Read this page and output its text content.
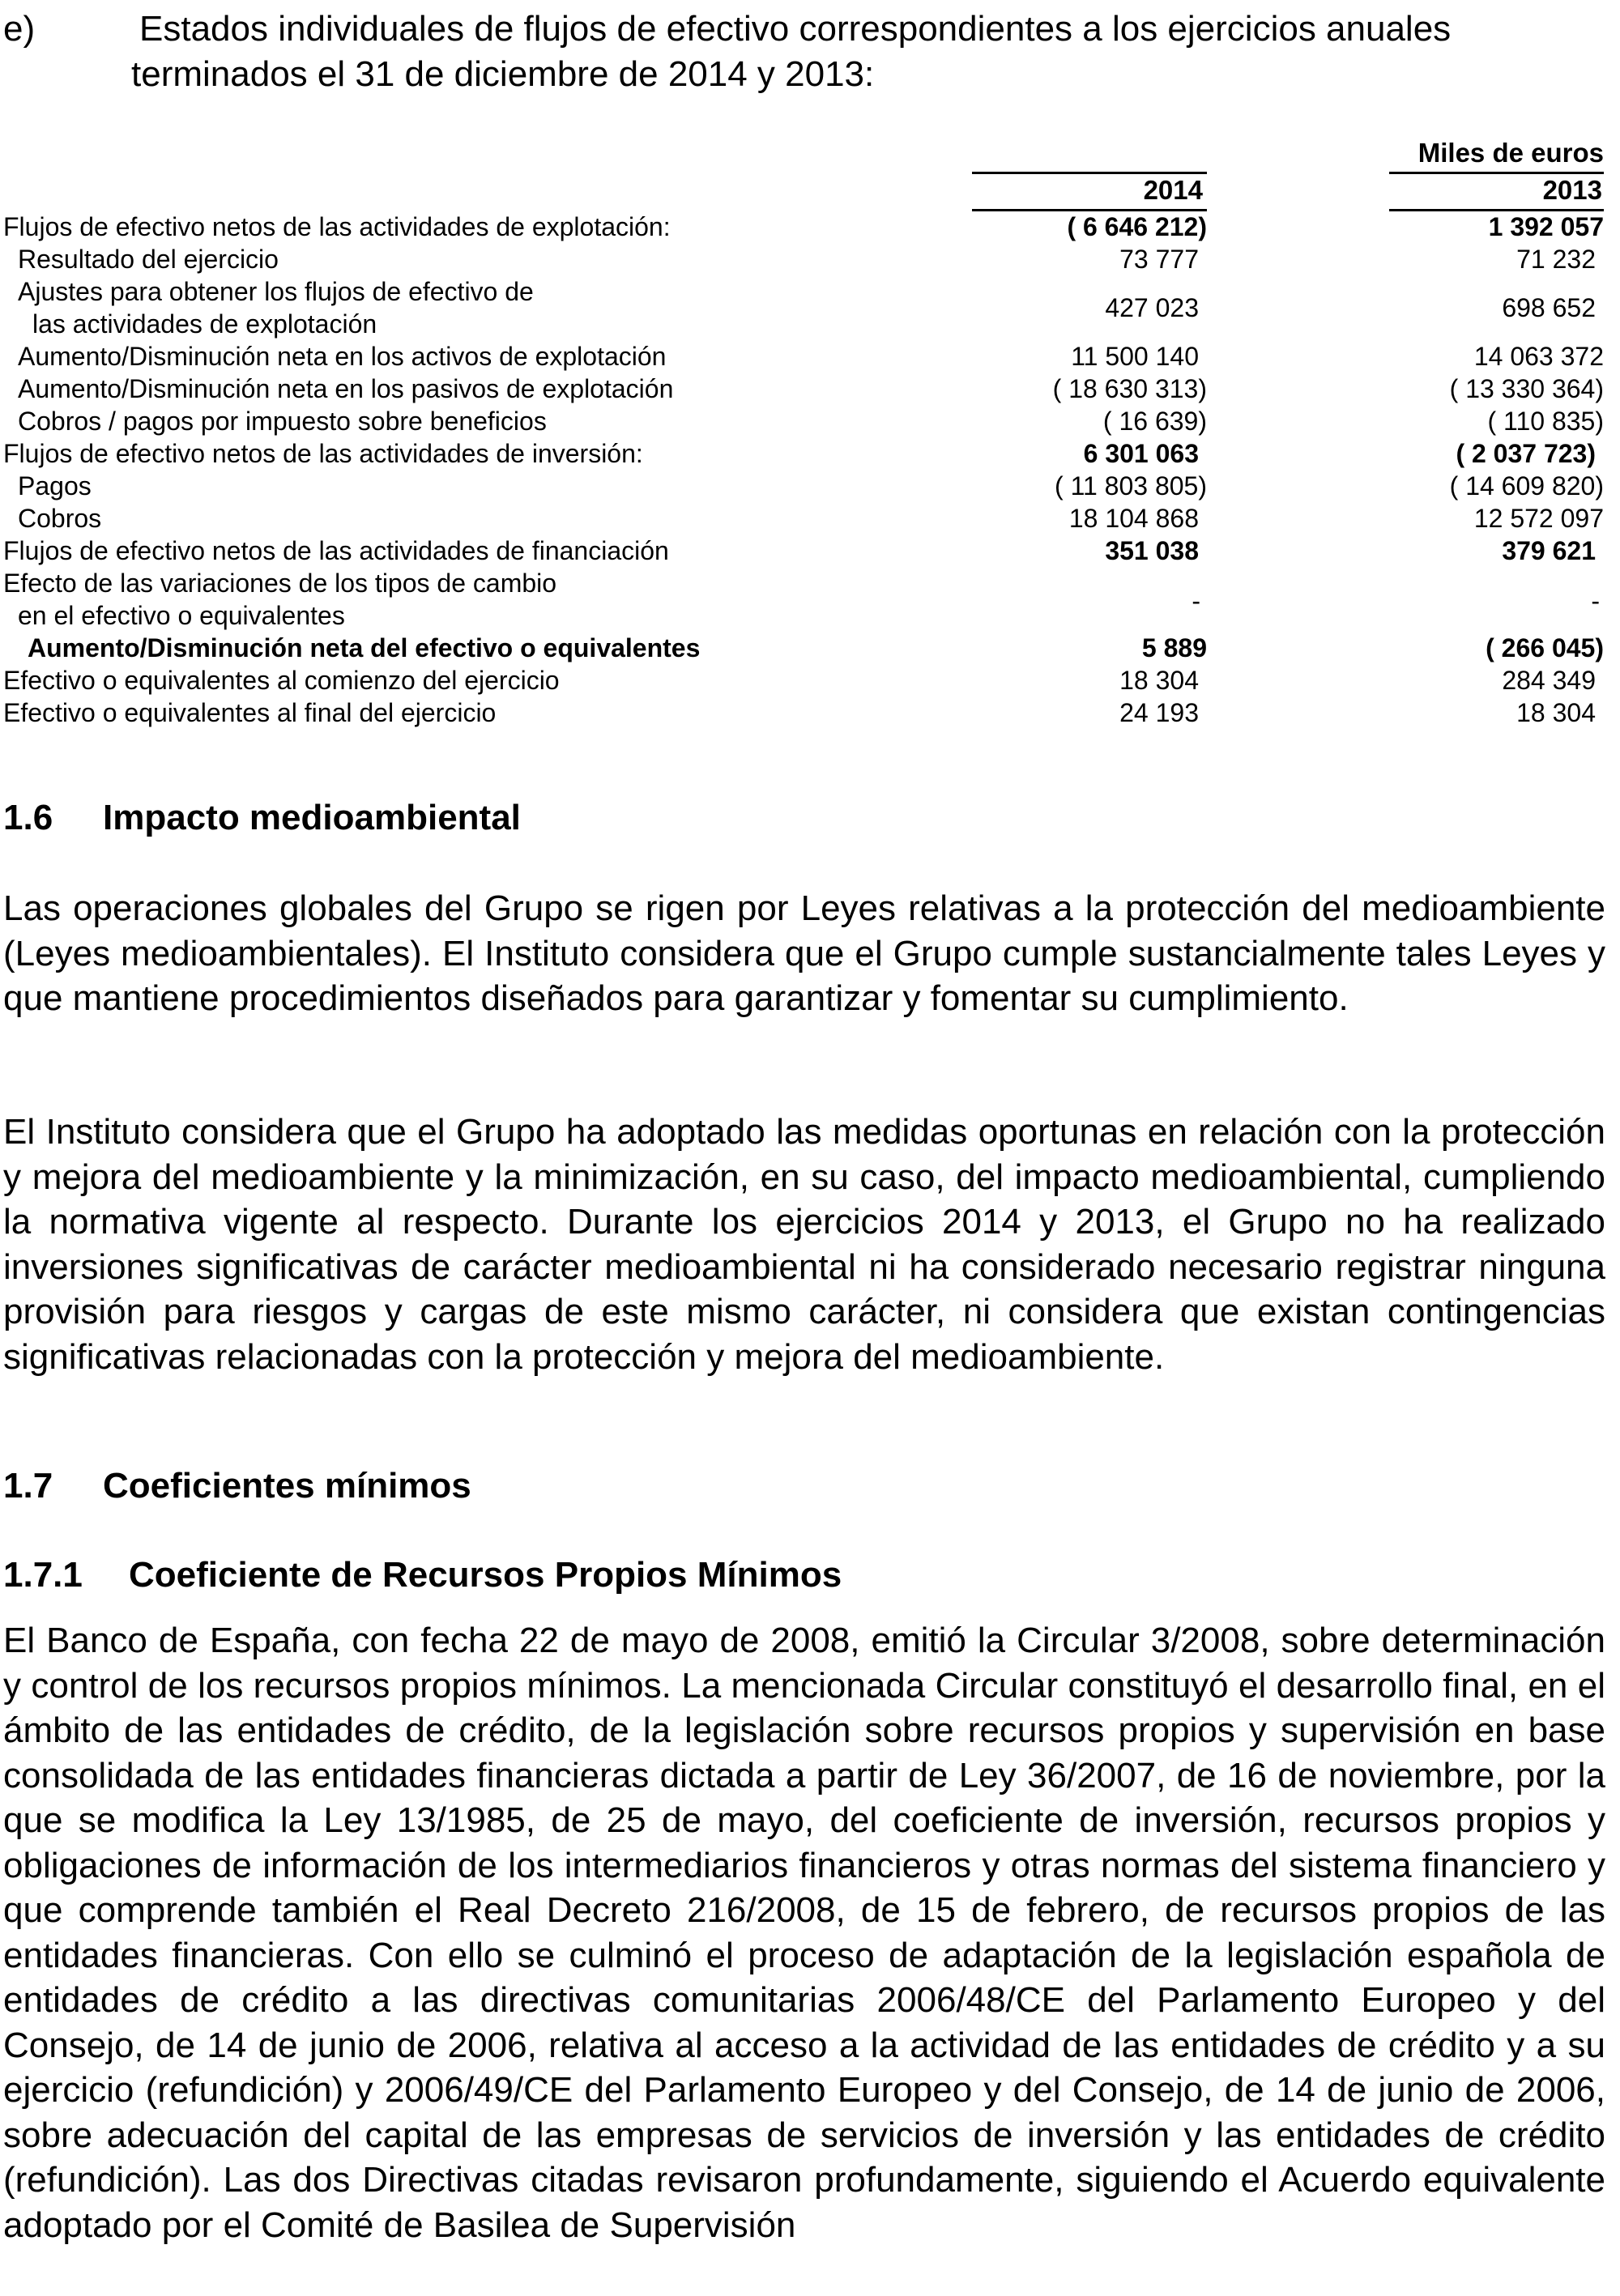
e)	Estados individuales de flujos de efectivo correspondientes a los ejercicios anuales
terminados el 31 de diciembre de 2014 y 2013:
Miles de euros
2014	2013
Flujos de efectivo netos de las actividades de explotación:	( 6 646 212)	1 392 057
Resultado del ejercicio	73 777	71 232
Ajustes para obtener los flujos de efectivo de
las actividades de explotación
427 023	698 652
Aumento/Disminución neta en los activos de explotación	11 500 140	14 063 372
Aumento/Disminución neta en los pasivos de explotación	( 18 630 313)	( 13 330 364)
Cobros / pagos por impuesto sobre beneficios	( 16 639)	( 110 835)
Flujos de efectivo netos de las actividades de inversión:	6 301 063	( 2 037 723)
Pagos	( 11 803 805)	( 14 609 820)
Cobros	18 104 868	12 572 097
Flujos de efectivo netos de las actividades de financiación	351 038	379 621
Efecto de las variaciones de los tipos de cambio
en el efectivo o equivalentes	-	-
Aumento/Disminución neta del efectivo o equivalentes	5 889	( 266 045)
Efectivo o equivalentes al comienzo del ejercicio	18 304	284 349
Efectivo o equivalentes al final del ejercicio	24 193	18 304
1.6 Impacto medioambiental
Las operaciones globales del Grupo se rigen por Leyes relativas a la protección del medioambiente (Leyes medioambientales). El Instituto considera que el Grupo cumple sustancialmente tales Leyes y que mantiene procedimientos diseñados para garantizar y fomentar su cumplimiento.
El Instituto considera que el Grupo ha adoptado las medidas oportunas en relación con la protección y mejora del medioambiente y la minimización, en su caso, del impacto medioambiental, cumpliendo la normativa vigente al respecto. Durante los ejercicios 2014 y 2013, el Grupo no ha realizado inversiones significativas de carácter medioambiental ni ha considerado necesario registrar ninguna provisión para riesgos y cargas de este mismo carácter, ni considera que existan contingencias significativas relacionadas con la protección y mejora del medioambiente.
1.7 Coeficientes mínimos
1.7.1 Coeficiente de Recursos Propios Mínimos
El Banco de España, con fecha 22 de mayo de 2008, emitió la Circular 3/2008, sobre determinación y control de los recursos propios mínimos. La mencionada Circular constituyó el desarrollo final, en el ámbito de las entidades de crédito, de la legislación sobre recursos propios y supervisión en base consolidada de las entidades financieras dictada a partir de Ley 36/2007, de 16 de noviembre, por la que se modifica la Ley 13/1985, de 25 de mayo, del coeficiente de inversión, recursos propios y obligaciones de información de los intermediarios financieros y otras normas del sistema financiero y que comprende también el Real Decreto 216/2008, de 15 de febrero, de recursos propios de las entidades financieras. Con ello se culminó el proceso de adaptación de la legislación española de entidades de crédito a las directivas comunitarias 2006/48/CE del Parlamento Europeo y del Consejo, de 14 de junio de 2006, relativa al acceso a la actividad de las entidades de crédito y a su ejercicio (refundición) y 2006/49/CE del Parlamento Europeo y del Consejo, de 14 de junio de 2006, sobre adecuación del capital de las empresas de servicios de inversión y las entidades de crédito (refundición). Las dos Directivas citadas revisaron profundamente, siguiendo el Acuerdo equivalente adoptado por el Comité de Basilea de Supervisión
